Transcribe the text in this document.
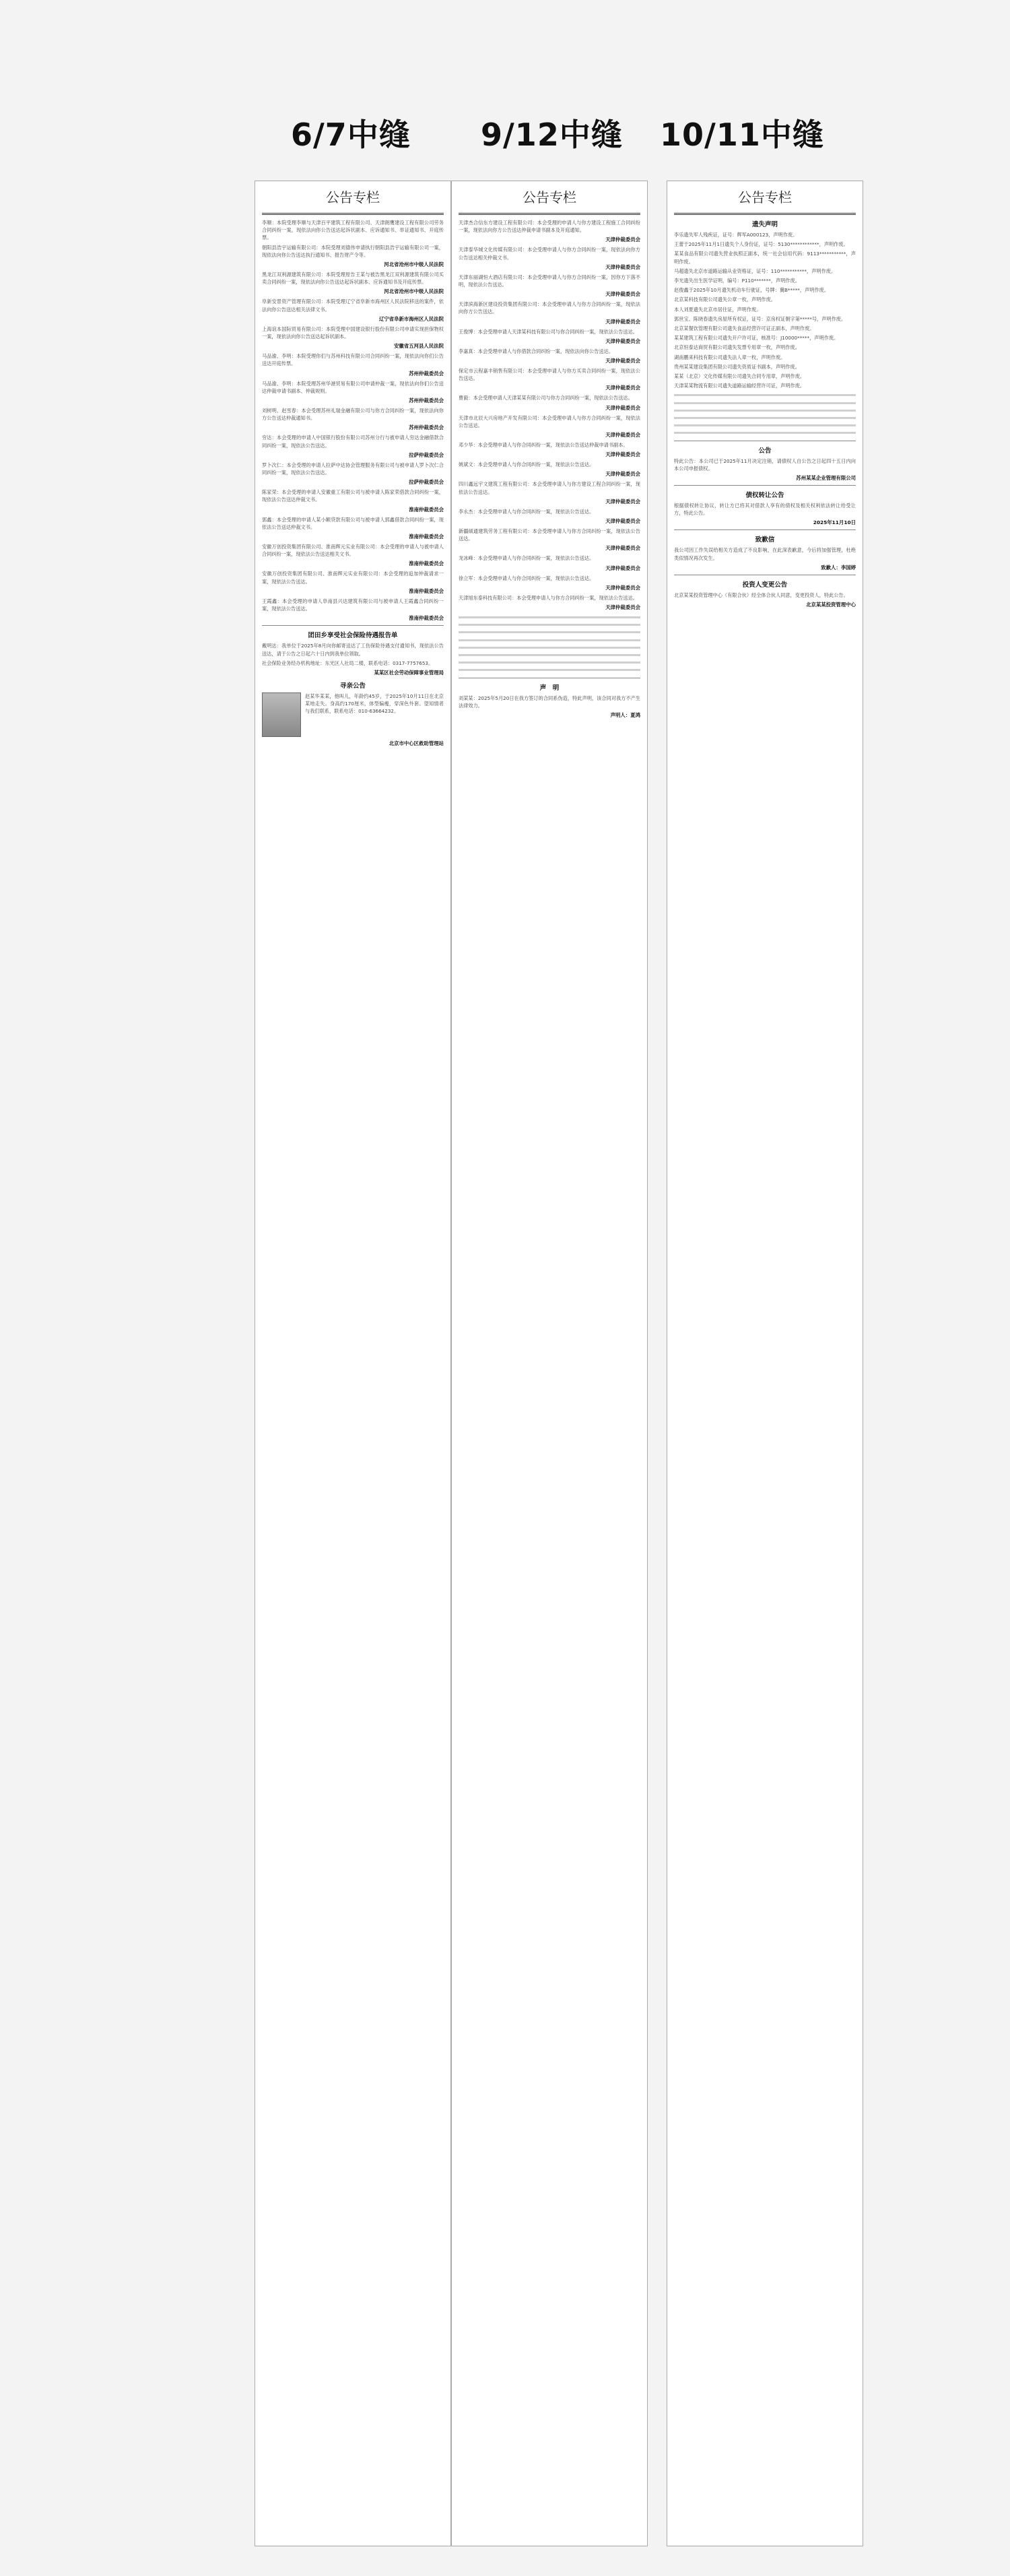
6/7中缝 9/12中缝 10/11中缝
公告专栏

李顺：本院受理李顺与天津百平建筑工程有限公司、天津朗鹰建设工程有限公司劳务合同纠纷一案，现依法向你公告送达起诉状副本、应诉通知书、举证通知书、开庭传票。

朝阳县浩宇运输有限公司：本院受理刘德伟申请执行朝阳县浩宇运输有限公司一案，现依法向你公告送达执行通知书、报告财产令等。

河北省沧州市中级人民法院

黑龙江双利源建筑有限公司：本院受理原告王某与被告黑龙江双利源建筑有限公司买卖合同纠纷一案，现依法向你公告送达起诉状副本、应诉通知书及开庭传票。

河北省沧州市中级人民法院

阜新安景资产管理有限公司：本院受理辽宁省阜新市海州区人民法院移送的案件，依法向你公告送达相关法律文书。

辽宁省阜新市海州区人民法院

上海谊本国际贸易有限公司：本院受理中国建设银行股份有限公司申请实现担保物权一案，现依法向你公告送达起诉状副本。

安徽省五河县人民法院

马品渝、李明：本院受理你们与苏州科技有限公司合同纠纷一案，现依法向你们公告送达开庭传票。

苏州仲裁委员会

马品渝、李明：本院受理苏州华港贸易有限公司申请仲裁一案，现依法向你们公告送达仲裁申请书副本、仲裁规则。

苏州仲裁委员会

刘树明、赵雪春：本会受理苏州礼瑞金融有限公司与你方合同纠纷一案，现依法向你方公告送达仲裁通知书。

苏州仲裁委员会

穷达：本会受理的申请人中国银行股份有限公司苏州分行与被申请人穷达金融借款合同纠纷一案，现依法公告送达。

拉萨仲裁委员会

罗卜次仁：本会受理的申请人拉萨中达协会管理服务有限公司与被申请人罗卜次仁合同纠纷一案，现依法公告送达。

拉萨仲裁委员会

陈家荣：本会受理的申请人安徽重工有限公司与被申请人陈家荣借款合同纠纷一案，现依法公告送达仲裁文书。

淮南仲裁委员会

郭鑫：本会受理的申请人某小额贷款有限公司与被申请人郭鑫借款合同纠纷一案，现依法公告送达仲裁文书。

淮南仲裁委员会

安徽万创投资集团有限公司、淮南辉元实业有限公司：本会受理的申请人与被申请人合同纠纷一案，现依法公告送达相关文书。

淮南仲裁委员会

安徽万创投资集团有限公司、淮南辉元实业有限公司：本会受理的追加仲裁请求一案，现依法公告送达。

淮南仲裁委员会

王霞鑫：本会受理的申请人阜南县兴达建筑有限公司与被申请人王霞鑫合同纠纷一案，现依法公告送达。

淮南仲裁委员会

团田乡享受社会保险待遇报告单

戴明达：我单位于2025年8月向你邮寄送达了工伤保险待遇支付通知书，现依法公告送达，请于公告之日起六十日内到我单位领取。

社会保险业务经办机构地址：东光区人社局二楼，联系电话：0317-7757653。

某某区社会劳动保障事业管理局

寻亲公告

赵某华某某，他叫儿，年龄约45岁，于2025年10月11日在北京某地走失。身高约170厘米，体型偏瘦，穿深色外套。望知情者与我们联系，联系电话：010-63664232。

北京市中心区救助管理站

公告专栏

天津杰合信东方建设工程有限公司：本会受理的申请人与你方建设工程施工合同纠纷一案，现依法向你方公告送达仲裁申请书副本及开庭通知。

天津仲裁委员会

天津泰华城文化传媒有限公司：本会受理申请人与你方合同纠纷一案，现依法向你方公告送达相关仲裁文书。

天津仲裁委员会

天津东丽湖恒大酒店有限公司：本会受理申请人与你方合同纠纷一案，因你方下落不明，现依法公告送达。

天津仲裁委员会

天津滨海新区建设投资集团有限公司：本会受理申请人与你方合同纠纷一案，现依法向你方公告送达。

天津仲裁委员会

王俊博：本会受理申请人天津某科技有限公司与你合同纠纷一案，现依法公告送达。

天津仲裁委员会

李嘉真：本会受理申请人与你借款合同纠纷一案，现依法向你公告送达。

天津仲裁委员会

保定市云程嘉丰销售有限公司：本会受理申请人与你方买卖合同纠纷一案，现依法公告送达。

天津仲裁委员会

曹毅：本会受理申请人天津某某有限公司与你方合同纠纷一案，现依法公告送达。

天津仲裁委员会

天津市北辰大兴房地产开发有限公司：本会受理申请人与你方合同纠纷一案，现依法公告送达。

天津仲裁委员会

邓少华：本会受理申请人与你合同纠纷一案，现依法公告送达仲裁申请书副本。

天津仲裁委员会

姚斌文：本会受理申请人与你合同纠纷一案，现依法公告送达。

天津仲裁委员会

四川鑫远宇文建筑工程有限公司：本会受理申请人与你方建设工程合同纠纷一案，现依法公告送达。

天津仲裁委员会

李永杰：本会受理申请人与你合同纠纷一案，现依法公告送达。

天津仲裁委员会

新疆硕通建筑劳务工程有限公司：本会受理申请人与你方合同纠纷一案，现依法公告送达。

天津仲裁委员会

龙冰峰：本会受理申请人与你合同纠纷一案，现依法公告送达。

天津仲裁委员会

徐立军：本会受理申请人与你合同纠纷一案，现依法公告送达。

天津仲裁委员会

天津旭东泰科技有限公司：本会受理申请人与你方合同纠纷一案，现依法公告送达。

天津仲裁委员会

声　明

刘某某：2025年5月20日在我方签订的合同系伪造，特此声明，该合同对我方不产生法律效力。

声明人：夏鸿

公告专栏
遗失声明

李乐遗失军人残疾证，证号：辉军A000123，声明作废。

王蕾于2025年11月1日遗失个人身份证，证号：5130************，声明作废。

某某食品有限公司遗失营业执照正副本，统一社会信用代码：9113***********，声明作废。

马超遗失北京市道路运输从业资格证，证号：110***********，声明作废。

李光遗失出生医学证明，编号：P110*******，声明作废。

赵俊鑫于2025年10月遗失机动车行驶证，号牌：冀B*****，声明作废。

北京某科技有限公司遗失公章一枚，声明作废。

本人刘夏遗失北京市居住证，声明作废。

郭世宝、陈晓春遗失房屋所有权证，证号：京房权证朝字第*****号，声明作废。

北京某餐饮管理有限公司遗失食品经营许可证正副本，声明作废。

某某建筑工程有限公司遗失开户许可证，核准号：J10000*****，声明作废。

北京恒泰达商贸有限公司遗失发票专用章一枚，声明作废。

湖南鹏来科技有限公司遗失法人章一枚，声明作废。

贵州某某建设集团有限公司遗失资质证书副本，声明作废。

某某（北京）文化传媒有限公司遗失合同专用章，声明作废。

天津某某物流有限公司遗失道路运输经营许可证，声明作废。

公告

特此公告：本公司已于2025年11月决定注销，请债权人自公告之日起四十五日内向本公司申报债权。

苏州某某企业管理有限公司

债权转让公告

根据债权转让协议，转让方已将其对借款人享有的债权及相关权利依法转让给受让方，特此公告。

2025年11月10日

致歉信

我公司因工作失误给相关方造成了不良影响，在此深表歉意，今后将加强管理，杜绝类似情况再次发生。

致歉人：李国婷

投资人变更公告

北京某某投资管理中心（有限合伙）经全体合伙人同意，变更投资人，特此公告。

北京某某投资管理中心
